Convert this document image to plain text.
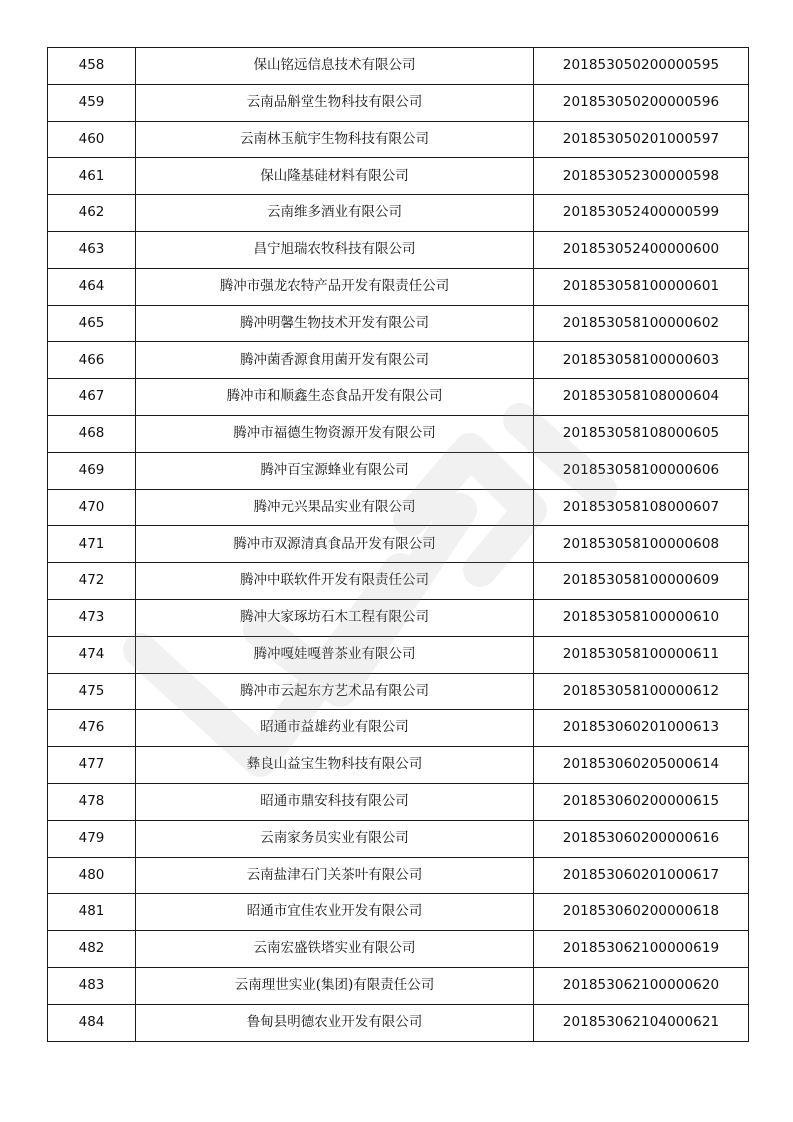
458	保山铭远信息技术有限公司	201853050200000595
459	云南品斛堂生物科技有限公司	201853050200000596
460	云南林玉航宇生物科技有限公司	201853050201000597
461	保山隆基硅材料有限公司	201853052300000598
462	云南维多酒业有限公司	201853052400000599
463	昌宁旭瑞农牧科技有限公司	201853052400000600
464	腾冲市强龙农特产品开发有限责任公司	201853058100000601
465	腾冲明馨生物技术开发有限公司	201853058100000602
466	腾冲菌香源食用菌开发有限公司	201853058100000603
467	腾冲市和顺鑫生态食品开发有限公司	201853058108000604
468	腾冲市福德生物资源开发有限公司	201853058108000605
469	腾冲百宝源蜂业有限公司	201853058100000606
470	腾冲元兴果品实业有限公司	201853058108000607
471	腾冲市双源清真食品开发有限公司	201853058100000608
472	腾冲中联软件开发有限责任公司	201853058100000609
473	腾冲大家琢坊石木工程有限公司	201853058100000610
474	腾冲嘎娃嘎普茶业有限公司	201853058100000611
475	腾冲市云起东方艺术品有限公司	201853058100000612
476	昭通市益雄药业有限公司	201853060201000613
477	彝良山益宝生物科技有限公司	201853060205000614
478	昭通市鼎安科技有限公司	201853060200000615
479	云南家务员实业有限公司	201853060200000616
480	云南盐津石门关茶叶有限公司	201853060201000617
481	昭通市宜佳农业开发有限公司	201853060200000618
482	云南宏盛铁塔实业有限公司	201853062100000619
483	云南理世实业(集团)有限责任公司	201853062100000620
484	鲁甸县明德农业开发有限公司	201853062104000621
